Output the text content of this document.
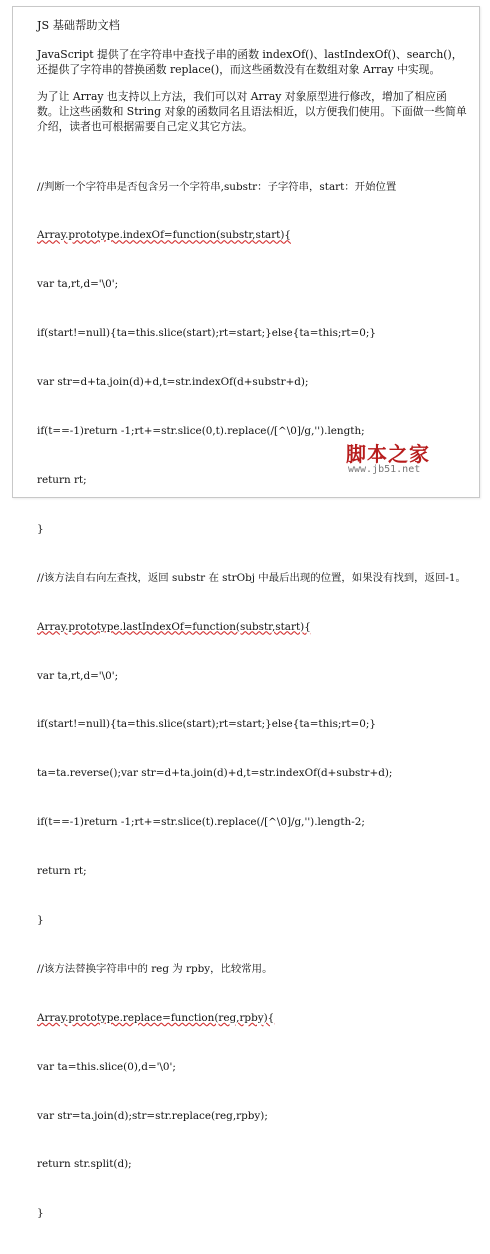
JS 基础帮助文档
JavaScript 提供了在字符串中查找子串的函数 indexOf()、lastIndexOf()、search()，还提供了字符串的替换函数 replace()，而这些函数没有在数组对象 Array 中实现。
为了让 Array 也支持以上方法，我们可以对 Array 对象原型进行修改，增加了相应函数。让这些函数和 String 对象的函数同名且语法相近，以方便我们使用。下面做一些简单介绍，读者也可根据需要自己定义其它方法。

//判断一个字符串是否包含另一个字符串,substr：子字符串，start：开始位置

Array.prototype.indexOf=function(substr,start){

var ta,rt,d='\0';

if(start!=null){ta=this.slice(start);rt=start;}else{ta=this;rt=0;}

var str=d+ta.join(d)+d,t=str.indexOf(d+substr+d);

if(t==-1)return -1;rt+=str.slice(0,t).replace(/[^\0]/g,'').length;

return rt;

}

//该方法自右向左查找，返回 substr 在 strObj 中最后出现的位置，如果没有找到，返回-1。

Array.prototype.lastIndexOf=function(substr,start){

var ta,rt,d='\0';

if(start!=null){ta=this.slice(start);rt=start;}else{ta=this;rt=0;}

ta=ta.reverse();var str=d+ta.join(d)+d,t=str.indexOf(d+substr+d);

if(t==-1)return -1;rt+=str.slice(t).replace(/[^\0]/g,'').length-2;

return rt;

}

//该方法替换字符串中的 reg 为 rpby，比较常用。

Array.prototype.replace=function(reg,rpby){

var ta=this.slice(0),d='\0';

var str=ta.join(d);str=str.replace(reg,rpby);

return str.split(d);

}

脚本之家
www.jb51.net
